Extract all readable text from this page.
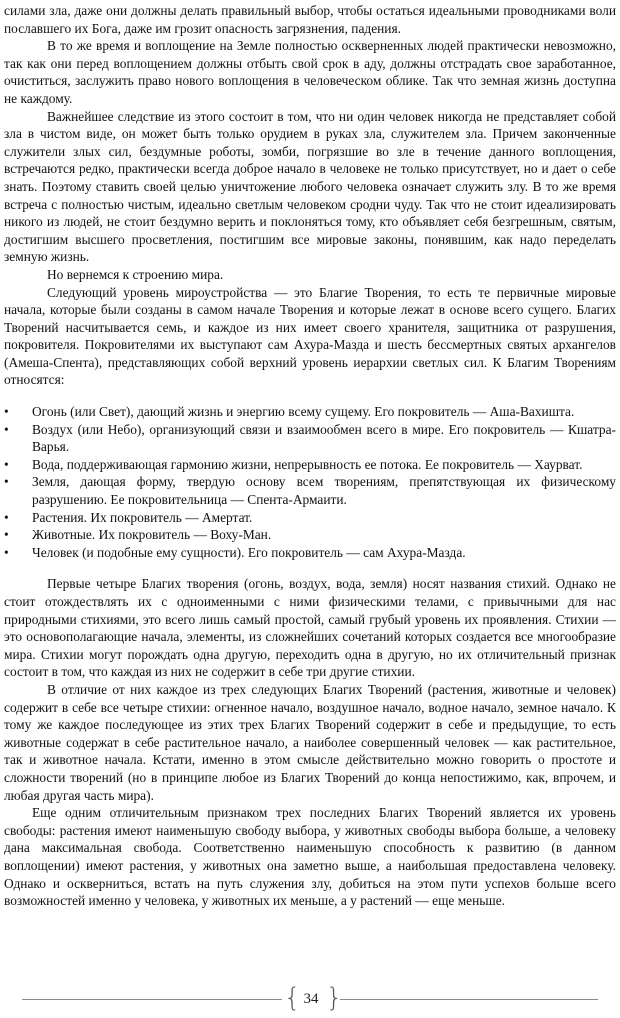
силами зла, даже они должны делать правильный выбор, чтобы остаться идеальными проводниками воли пославшего их Бога, даже им грозит опасность загрязнения, падения.

В то же время и воплощение на Земле полностью оскверненных людей практически невозможно, так как они перед воплощением должны отбыть свой срок в аду, должны отстрадать свое заработанное, очиститься, заслужить право нового воплощения в человеческом облике. Так что земная жизнь доступна не каждому.

Важнейшее следствие из этого состоит в том, что ни один человек никогда не представляет собой зла в чистом виде, он может быть только орудием в руках зла, служителем зла. Причем законченные служители злых сил, бездумные роботы, зомби, погрязшие во зле в течение данного воплощения, встречаются редко, практически всегда доброе начало в человеке не только присутствует, но и дает о себе знать. Поэтому ставить своей целью уничтожение любого человека означает служить злу. В то же время встреча с полностью чистым, идеально светлым человеком сродни чуду. Так что не стоит идеализировать никого из людей, не стоит бездумно верить и поклоняться тому, кто объявляет себя безгрешным, святым, достигшим высшего просветления, постигшим все мировые законы, понявшим, как надо переделать земную жизнь.

Но вернемся к строению мира.

Следующий уровень мироустройства — это Благие Творения, то есть те первичные мировые начала, которые были созданы в самом начале Творения и которые лежат в основе всего сущего. Благих Творений насчитывается семь, и каждое из них имеет своего хранителя, защитника от разрушения, покровителя. Покровителями их выступают сам Ахура-Мазда и шесть бессмертных святых архангелов (Амеша-Спента), представляющих собой верхний уровень иерархии светлых сил. К Благим Творениям относятся:

•	Огонь (или Свет), дающий жизнь и энергию всему сущему. Его покровитель — Аша-Вахишта.
•	Воздух (или Небо), организующий связи и взаимообмен всего в мире. Его покровитель — Кшатра-Варья.
•	Вода, поддерживающая гармонию жизни, непрерывность ее потока. Ее покровитель — Хаурват.
•	Земля, дающая форму, твердую основу всем творениям, препятствующая их физическому разрушению. Ее покровительница — Спента-Армаити.
•	Растения. Их покровитель — Амертат.
•	Животные. Их покровитель — Воху-Ман.
•	Человек (и подобные ему сущности). Его покровитель — сам Ахура-Мазда.

Первые четыре Благих творения (огонь, воздух, вода, земля) носят названия стихий. Однако не стоит отождествлять их с одноименными с ними физическими телами, с привычными для нас природными стихиями, это всего лишь самый простой, самый грубый уровень их проявления. Стихии — это основополагающие начала, элементы, из сложнейших сочетаний которых создается все многообразие мира. Стихии могут порождать одна другую, переходить одна в другую, но их отличительный признак состоит в том, что каждая из них не содержит в себе три другие стихии.

В отличие от них каждое из трех следующих Благих Творений (растения, животные и человек) содержит в себе все четыре стихии: огненное начало, воздушное начало, водное начало, земное начало. К тому же каждое последующее из этих трех Благих Творений содержит в себе и предыдущие, то есть животные содержат в себе растительное начало, а наиболее совершенный человек — как растительное, так и животное начала. Кстати, именно в этом смысле действительно можно говорить о простоте и сложности творений (но в принципе любое из Благих Творений до конца непостижимо, как, впрочем, и любая другая часть мира).

Еще одним отличительным признаком трех последних Благих Творений является их уровень свободы: растения имеют наименьшую свободу выбора, у животных свободы выбора больше, а человеку дана максимальная свобода. Соответственно наименьшую способность к развитию (в данном воплощении) имеют растения, у животных она заметно выше, а наибольшая предоставлена человеку. Однако и оскверниться, встать на путь служения злу, добиться на этом пути успехов больше всего возможностей именно у человека, у животных их меньше, а у растений — еще меньше.

{ 34 }
